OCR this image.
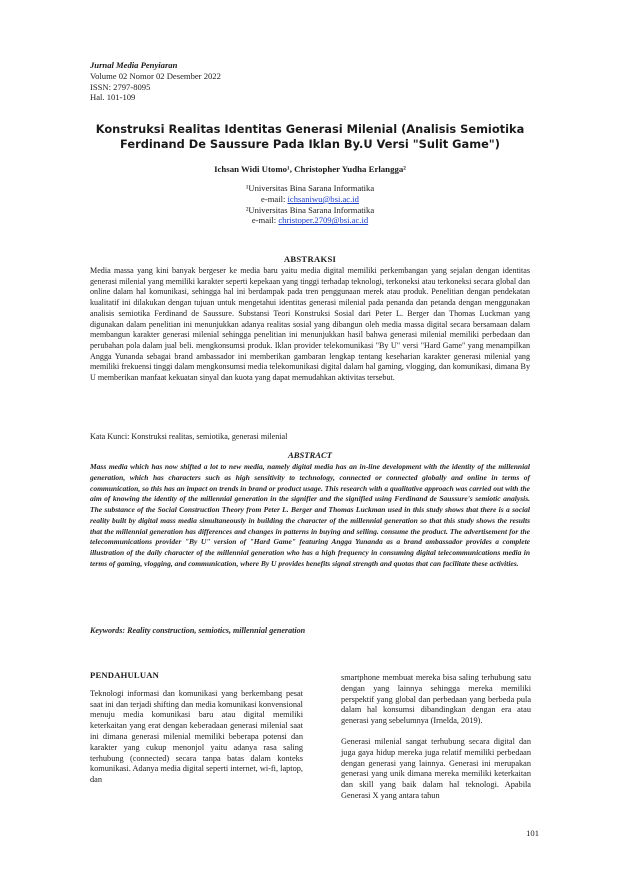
Jurnal Media Penyiaran
Volume 02 Nomor 02 Desember 2022
ISSN: 2797-8095
Hal. 101-109
Konstruksi Realitas Identitas Generasi Milenial (Analisis Semiotika Ferdinand De Saussure Pada Iklan By.U Versi "Sulit Game")
Ichsan Widi Utomo¹, Christopher Yudha Erlangga²
¹Universitas Bina Sarana Informatika
e-mail: ichsaniwu@bsi.ac.id
²Universitas Bina Sarana Informatika
e-mail: christoper.2709@bsi.ac.id
ABSTRAKSI
Media massa yang kini banyak bergeser ke media baru yaitu media digital memiliki perkembangan yang sejalan dengan identitas generasi milenial yang memiliki karakter seperti kepekaan yang tinggi terhadap teknologi, terkoneksi atau terkoneksi secara global dan online dalam hal komunikasi, sehingga hal ini berdampak pada tren penggunaan merek atau produk. Penelitian dengan pendekatan kualitatif ini dilakukan dengan tujuan untuk mengetahui identitas generasi milenial pada penanda dan petanda dengan menggunakan analisis semiotika Ferdinand de Saussure. Substansi Teori Konstruksi Sosial dari Peter L. Berger dan Thomas Luckman yang digunakan dalam penelitian ini menunjukkan adanya realitas sosial yang dibangun oleh media massa digital secara bersamaan dalam membangun karakter generasi milenial sehingga penelitian ini menunjukkan hasil bahwa generasi milenial memiliki perbedaan dan perubahan pola dalam jual beli. mengkonsumsi produk. Iklan provider telekomunikasi "By U" versi "Hard Game" yang menampilkan Angga Yunanda sebagai brand ambassador ini memberikan gambaran lengkap tentang keseharian karakter generasi milenial yang memiliki frekuensi tinggi dalam mengkonsumsi media telekomunikasi digital dalam hal gaming, vlogging, dan komunikasi, dimana By U memberikan manfaat kekuatan sinyal dan kuota yang dapat memudahkan aktivitas tersebut.
Kata Kunci: Konstruksi realitas, semiotika, generasi milenial
ABSTRACT
Mass media which has now shifted a lot to new media, namely digital media has an in-line development with the identity of the millennial generation, which has characters such as high sensitivity to technology, connected or connected globally and online in terms of communication, so this has an impact on trends in brand or product usage. This research with a qualitative approach was carried out with the aim of knowing the identity of the millennial generation in the signifier and the signified using Ferdinand de Saussure's semiotic analysis. The substance of the Social Construction Theory from Peter L. Berger and Thomas Luckman used in this study shows that there is a social reality built by digital mass media simultaneously in building the character of the millennial generation so that this study shows the results that the millennial generation has differences and changes in patterns in buying and selling. consume the product. The advertisement for the telecommunications provider "By U" version of "Hard Game" featuring Angga Yunanda as a brand ambassador provides a complete illustration of the daily character of the millennial generation who has a high frequency in consuming digital telecommunications media in terms of gaming, vlogging, and communication, where By U provides benefits signal strength and quotas that can facilitate these activities.
Keywords: Reality construction, semiotics, millennial generation
PENDAHULUAN

Teknologi informasi dan komunikasi yang berkembang pesat saat ini dan terjadi shifting dan media komunikasi konvensional menuju media komunikasi baru atau digital memiliki keterkaitan yang erat dengan keberadaan generasi milenial saat ini dimana generasi milenial memiliki beberapa potensi dan karakter yang cukup menonjol yaitu adanya rasa saling terhubung (connected) secara tanpa batas dalam konteks komunikasi. Adanya media digital seperti internet, wi-fi, laptop, dan

smartphone membuat mereka bisa saling terhubung satu dengan yang lainnya sehingga mereka memiliki perspektif yang global dan perbedaan yang berbeda pula dalam hal konsumsi dibandingkan dengan era atau generasi yang sebelumnya (Irnelda, 2019).

Generasi milenial sangat terhubung secara digital dan juga gaya hidup mereka juga relatif memiliki perbedaan dengan generasi yang lainnya. Generasi ini merupakan generasi yang unik dimana mereka memiliki keterkaitan dan skill yang baik dalam hal teknologi. Apabila Generasi X yang antara tahun

101
